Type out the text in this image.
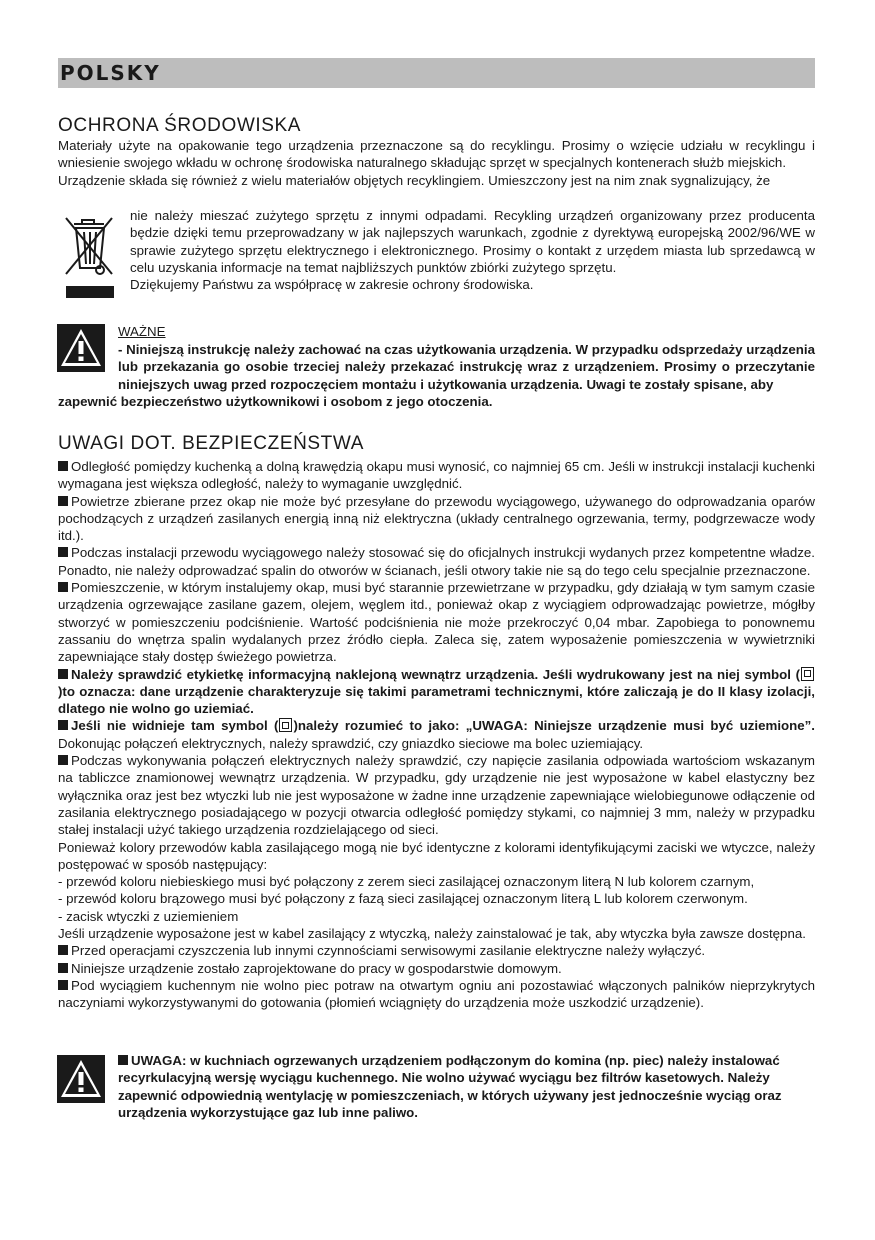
POLSKY
OCHRONA ŚRODOWISKA

Materiały użyte na opakowanie tego urządzenia przeznaczone są do recyklingu. Prosimy o wzięcie udziału w recyklingu i wniesienie swojego wkładu w ochronę środowiska naturalnego składując sprzęt w specjalnych kontenerach służb miejskich.

Urządzenie składa się również z wielu materiałów objętych recyklingiem. Umieszczony jest na nim znak sygnalizujący, że

nie należy mieszać zużytego sprzętu z innymi odpadami. Recykling urządzeń organizowany przez producenta będzie dzięki temu przeprowadzany w jak najlepszych warunkach, zgodnie z dyrektywą europejską 2002/96/WE w sprawie zużytego sprzętu elektrycznego i elektronicznego. Prosimy o kontakt z urzędem miasta lub sprzedawcą w celu uzyskania informacje na temat najbliższych punktów zbiórki zużytego sprzętu.

Dziękujemy Państwu za współpracę w zakresie ochrony środowiska.

WAŻNE

- Niniejszą instrukcję należy zachować na czas użytkowania urządzenia. W przypadku odsprzedaży urządzenia lub przekazania go osobie trzeciej należy przekazać instrukcję wraz z urządzeniem. Prosimy o przeczytanie niniejszych uwag przed rozpoczęciem montażu i użytkowania urządzenia. Uwagi te zostały spisane, aby

zapewnić bezpieczeństwo użytkownikowi i osobom z jego otoczenia.

UWAGI DOT. BEZPIECZEŃSTWA

Odległość pomiędzy kuchenką a dolną krawędzią okapu musi wynosić, co najmniej 65 cm. Jeśli w instrukcji instalacji kuchenki wymagana jest większa odległość, należy to wymaganie uwzględnić.

Powietrze zbierane przez okap nie może być przesyłane do przewodu wyciągowego, używanego do odprowadzania oparów pochodzących z urządzeń zasilanych energią inną niż elektryczna (układy centralnego ogrzewania, termy, podgrzewacze wody itd.).

Podczas instalacji przewodu wyciągowego należy stosować się do oficjalnych instrukcji wydanych przez kompetentne władze. Ponadto, nie należy odprowadzać spalin do otworów w ścianach, jeśli otwory takie nie są do tego celu specjalnie przeznaczone.

Pomieszczenie, w którym instalujemy okap, musi być starannie przewietrzane w przypadku, gdy działają w tym samym czasie urządzenia ogrzewające zasilane gazem, olejem, węglem itd., ponieważ okap z wyciągiem odprowadzając powietrze, mógłby stworzyć w pomieszczeniu podciśnienie. Wartość podciśnienia nie może przekroczyć 0,04 mbar. Zapobiega to ponownemu zassaniu do wnętrza spalin wydalanych przez źródło ciepła. Zaleca się, zatem wyposażenie pomieszczenia w wywietrzniki zapewniające stały dostęp świeżego powietrza.

Należy sprawdzić etykietkę informacyjną naklejoną wewnątrz urządzenia. Jeśli wydrukowany jest na niej symbol ()to oznacza: dane urządzenie charakteryzuje się takimi parametrami technicznymi, które zaliczają je do II klasy izolacji, dlatego nie wolno go uziemiać.

Jeśli nie widnieje tam symbol ( )należy rozumieć to jako: „UWAGA: Niniejsze urządzenie musi być uziemione”. Dokonując połączeń elektrycznych, należy sprawdzić, czy gniazdko sieciowe ma bolec uziemiający.

Podczas wykonywania połączeń elektrycznych należy sprawdzić, czy napięcie zasilania odpowiada wartościom wskazanym na tabliczce znamionowej wewnątrz urządzenia. W przypadku, gdy urządzenie nie jest wyposażone w kabel elastyczny bez wyłącznika oraz jest bez wtyczki lub nie jest wyposażone w żadne inne urządzenie zapewniające wielobiegunowe odłączenie od zasilania elektrycznego posiadającego w pozycji otwarcia odległość pomiędzy stykami, co najmniej 3 mm, należy w przypadku stałej instalacji użyć takiego urządzenia rozdzielającego od sieci.

Ponieważ kolory przewodów kabla zasilającego mogą nie być identyczne z kolorami identyfikującymi zaciski we wtyczce, należy postępować w sposób następujący:

- przewód koloru niebieskiego musi być połączony z zerem sieci zasilającej oznaczonym literą N lub kolorem czarnym,

- przewód koloru brązowego musi być połączony z fazą sieci zasilającej oznaczonym literą L lub kolorem czerwonym.

- zacisk wtyczki z uziemieniem

Jeśli urządzenie wyposażone jest w kabel zasilający z wtyczką, należy zainstalować je tak, aby wtyczka była zawsze dostępna.

Przed operacjami czyszczenia lub innymi czynnościami serwisowymi zasilanie elektryczne należy wyłączyć.

Niniejsze urządzenie zostało zaprojektowane do pracy w gospodarstwie domowym.

Pod wyciągiem kuchennym nie wolno piec potraw na otwartym ogniu ani pozostawiać włączonych palników nieprzykrytych naczyniami wykorzystywanymi do gotowania (płomień wciągnięty do urządzenia może uszkodzić urządzenie).

UWAGA: w kuchniach ogrzewanych urządzeniem podłączonym do komina (np. piec) należy instalować recyrkulacyjną wersję wyciągu kuchennego. Nie wolno używać wyciągu bez filtrów kasetowych. Należy zapewnić odpowiednią wentylację w pomieszczeniach, w których używany jest jednocześnie wyciąg oraz urządzenia wykorzystujące gaz lub inne paliwo.
